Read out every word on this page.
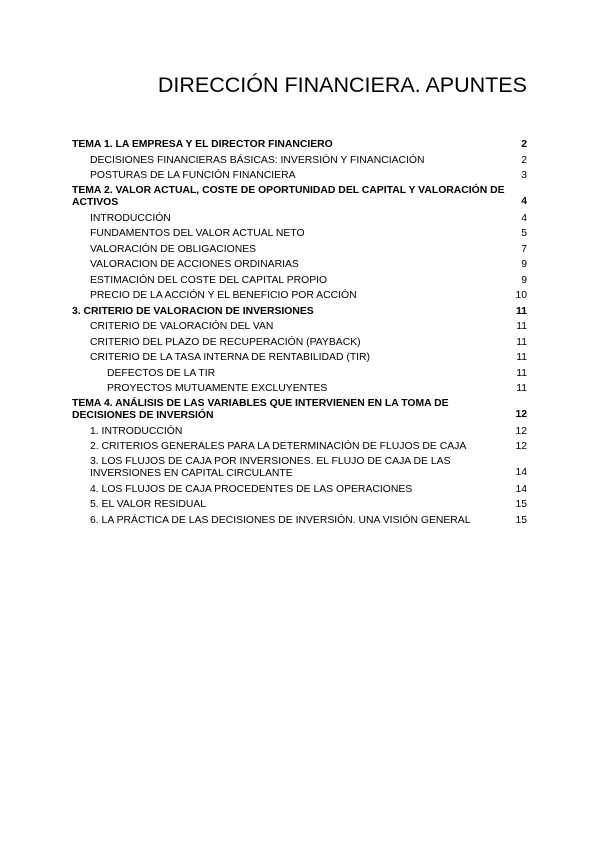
DIRECCIÓN FINANCIERA. APUNTES
TEMA 1. LA EMPRESA Y EL DIRECTOR FINANCIERO	2
DECISIONES FINANCIERAS BÁSICAS: INVERSIÓN Y FINANCIACIÓN	2
POSTURAS DE LA FUNCIÓN FINANCIERA	3
TEMA 2. VALOR ACTUAL, COSTE DE OPORTUNIDAD DEL CAPITAL Y VALORACIÓN DE ACTIVOS	4
INTRODUCCIÓN	4
FUNDAMENTOS DEL VALOR ACTUAL NETO	5
VALORACIÓN DE OBLIGACIONES	7
VALORACION DE ACCIONES ORDINARIAS	9
ESTIMACIÓN DEL COSTE DEL CAPITAL PROPIO	9
PRECIO DE LA ACCIÓN Y EL BENEFICIO POR ACCIÓN	10
3. CRITERIO DE VALORACION DE INVERSIONES	11
CRITERIO DE VALORACIÓN DEL VAN	11
CRITERIO DEL PLAZO DE RECUPERACIÓN (PAYBACK)	11
CRITERIO DE LA TASA INTERNA DE RENTABILIDAD (TIR)	11
DEFECTOS DE LA TIR	11
PROYECTOS MUTUAMENTE EXCLUYENTES	11
TEMA 4. ANÁLISIS DE LAS VARIABLES QUE INTERVIENEN EN LA TOMA DE DECISIONES DE INVERSIÓN	12
1. INTRODUCCIÓN	12
2. CRITERIOS GENERALES PARA LA DETERMINACIÓN DE FLUJOS DE CAJA	12
3. LOS FLUJOS DE CAJA POR INVERSIONES. EL FLUJO DE CAJA DE LAS INVERSIONES EN CAPITAL CIRCULANTE	14
4. LOS FLUJOS DE CAJA PROCEDENTES DE LAS OPERACIONES	14
5. EL VALOR RESIDUAL	15
6. LA PRÁCTICA DE LAS DECISIONES DE INVERSIÓN. UNA VISIÓN GENERAL	15
